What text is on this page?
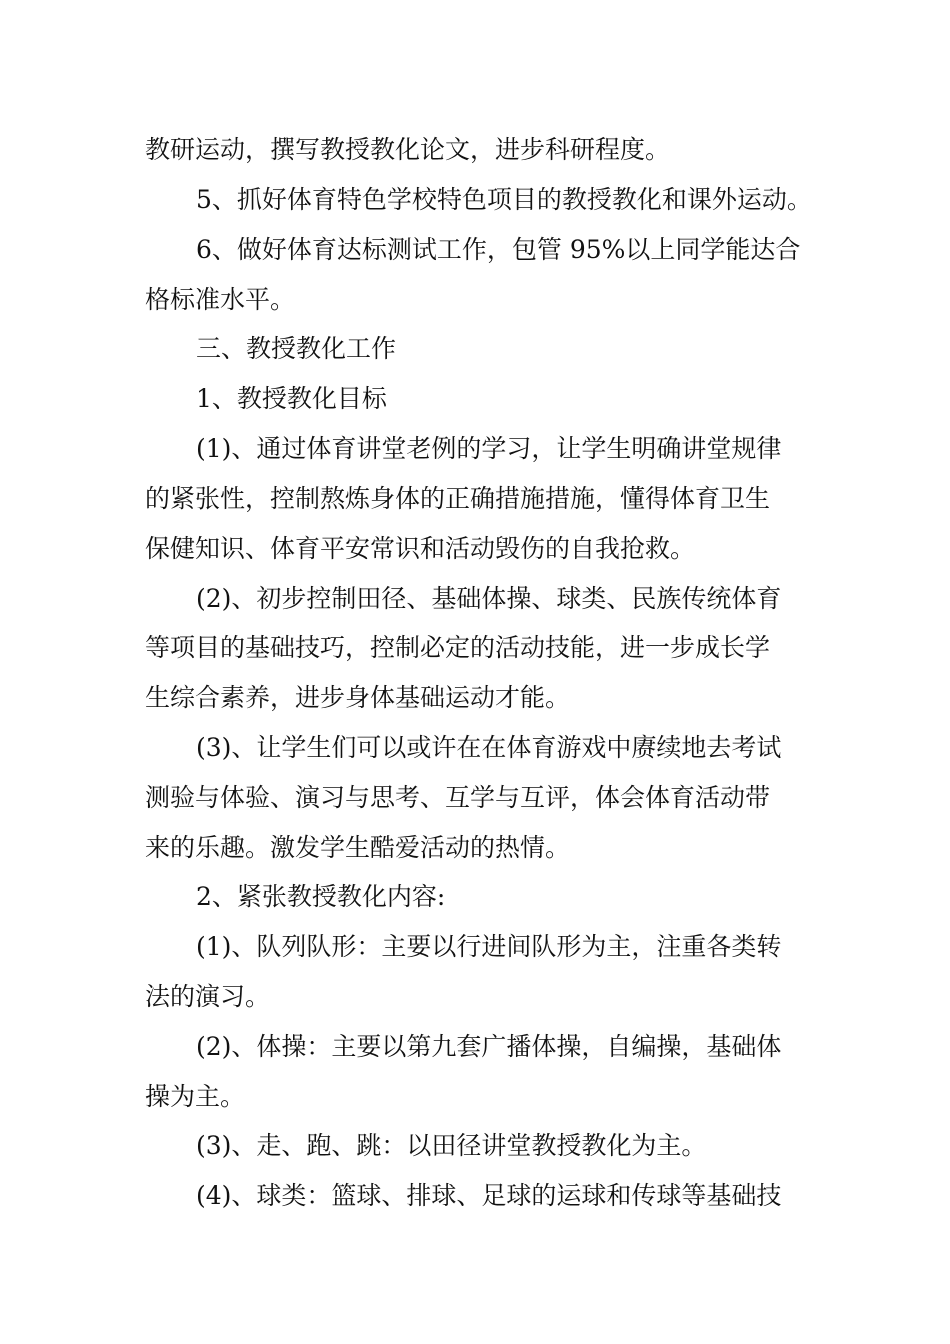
教研运动，撰写教授教化论文，进步科研程度。
5、抓好体育特色学校特色项目的教授教化和课外运动。
6、做好体育达标测试工作，包管 95%以上同学能达合
格标准水平。
三、教授教化工作
1、教授教化目标
(1)、通过体育讲堂老例的学习，让学生明确讲堂规律
的紧张性，控制熬炼身体的正确措施措施，懂得体育卫生
保健知识、体育平安常识和活动毁伤的自我抢救。
(2)、初步控制田径、基础体操、球类、民族传统体育
等项目的基础技巧，控制必定的活动技能，进一步成长学
生综合素养，进步身体基础运动才能。
(3)、让学生们可以或许在在体育游戏中赓续地去考试
测验与体验、演习与思考、互学与互评，体会体育活动带
来的乐趣。激发学生酷爱活动的热情。
2、紧张教授教化内容:
(1)、队列队形：主要以行进间队形为主，注重各类转
法的演习。
(2)、体操：主要以第九套广播体操，自编操，基础体
操为主。
(3)、走、跑、跳：以田径讲堂教授教化为主。
(4)、球类：篮球、排球、足球的运球和传球等基础技
